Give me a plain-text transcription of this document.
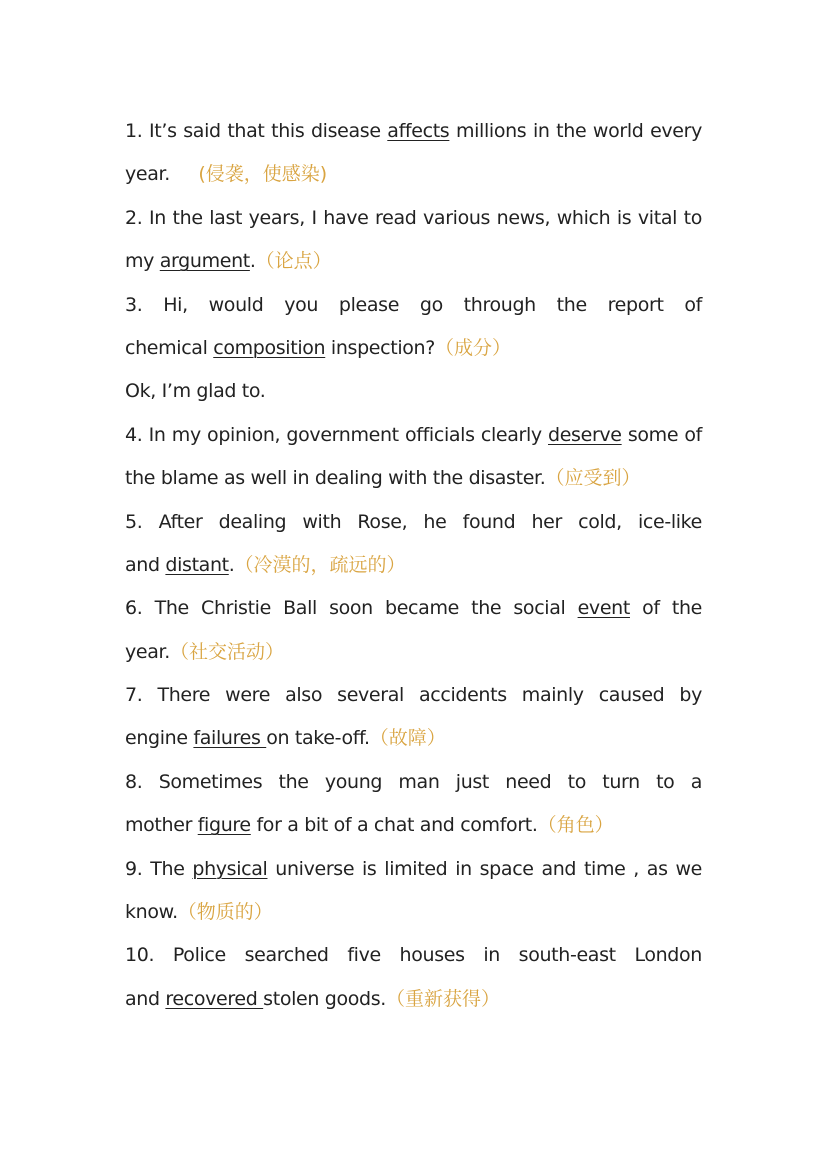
1. It’s said that this disease affects millions in the world every
year. (侵袭，使感染)
2. In the last years, I have read various news, which is vital to
my argument.（论点）
3. Hi, would you please go through the report of
chemical composition inspection?（成分）
Ok, I’m glad to.
4. In my opinion, government officials clearly deserve some of
the blame as well in dealing with the disaster.（应受到）
5. After dealing with Rose, he found her cold, ice-like
and distant.（冷漠的，疏远的）
6. The Christie Ball soon became the social event of the
year.（社交活动）
7. There were also several accidents mainly caused by
engine failures on take-off.（故障）
8. Sometimes the young man just need to turn to a
mother figure for a bit of a chat and comfort.（角色）
9. The physical universe is limited in space and time , as we
know.（物质的）
10. Police searched five houses in south-east London
and recovered stolen goods.（重新获得）
